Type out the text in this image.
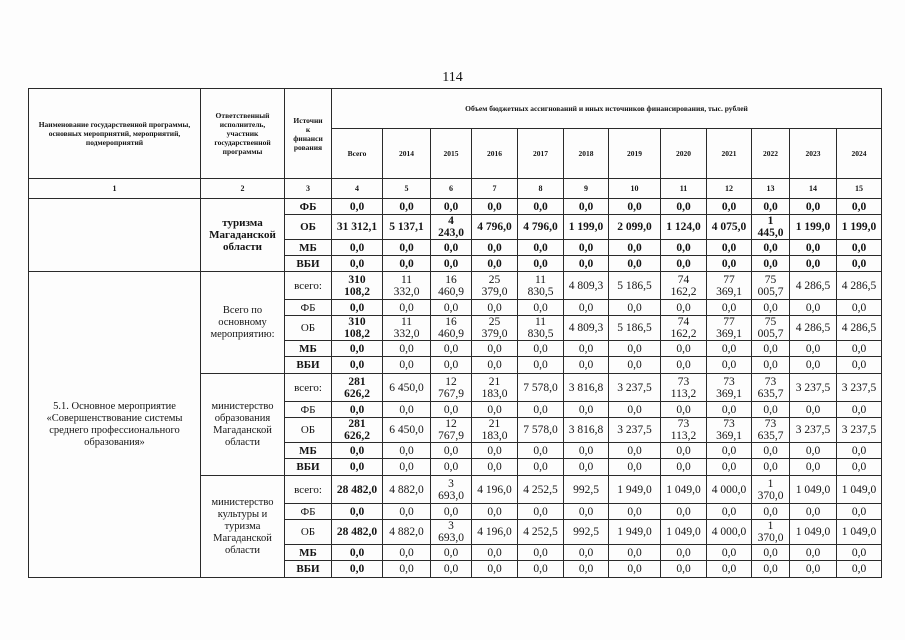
114
Наименование государственной программы, основных мероприятий, мероприятий, подмероприятий	Ответственный исполнитель, участник государственной программы	Источни к финанси рования	Объем бюджетных ассигнований и иных источников финансирования, тыс. рублей											
			Всего	2014	2015	2016	2017	2018	2019	2020	2021	2022	2023	2024
1	2	3	4	5	6	7	8	9	10	11	12	13	14	15
	туризма Магаданской области	ФБ	0,0	0,0	0,0	0,0	0,0	0,0	0,0	0,0	0,0	0,0	0,0	0,0
		ОБ	31 312,1	5 137,1	4 243,0	4 796,0	4 796,0	1 199,0	2 099,0	1 124,0	4 075,0	1 445,0	1 199,0	1 199,0
		МБ	0,0	0,0	0,0	0,0	0,0	0,0	0,0	0,0	0,0	0,0	0,0	0,0
		ВБИ	0,0	0,0	0,0	0,0	0,0	0,0	0,0	0,0	0,0	0,0	0,0	0,0
5.1. Основное мероприятие «Совершенствование системы среднего профессионального образования»	Всего по основному мероприятию:	всего:	310 108,2	11 332,0	16 460,9	25 379,0	11 830,5	4 809,3	5 186,5	74 162,2	77 369,1	75 005,7	4 286,5	4 286,5
		ФБ	0,0	0,0	0,0	0,0	0,0	0,0	0,0	0,0	0,0	0,0	0,0	0,0
		ОБ	310 108,2	11 332,0	16 460,9	25 379,0	11 830,5	4 809,3	5 186,5	74 162,2	77 369,1	75 005,7	4 286,5	4 286,5
		МБ	0,0	0,0	0,0	0,0	0,0	0,0	0,0	0,0	0,0	0,0	0,0	0,0
		ВБИ	0,0	0,0	0,0	0,0	0,0	0,0	0,0	0,0	0,0	0,0	0,0	0,0
	министерство образования Магаданской области	всего:	281 626,2	6 450,0	12 767,9	21 183,0	7 578,0	3 816,8	3 237,5	73 113,2	73 369,1	73 635,7	3 237,5	3 237,5
		ФБ	0,0	0,0	0,0	0,0	0,0	0,0	0,0	0,0	0,0	0,0	0,0	0,0
		ОБ	281 626,2	6 450,0	12 767,9	21 183,0	7 578,0	3 816,8	3 237,5	73 113,2	73 369,1	73 635,7	3 237,5	3 237,5
		МБ	0,0	0,0	0,0	0,0	0,0	0,0	0,0	0,0	0,0	0,0	0,0	0,0
		ВБИ	0,0	0,0	0,0	0,0	0,0	0,0	0,0	0,0	0,0	0,0	0,0	0,0
	министерство культуры и туризма Магаданской области	всего:	28 482,0	4 882,0	3 693,0	4 196,0	4 252,5	992,5	1 949,0	1 049,0	4 000,0	1 370,0	1 049,0	1 049,0
		ФБ	0,0	0,0	0,0	0,0	0,0	0,0	0,0	0,0	0,0	0,0	0,0	0,0
		ОБ	28 482,0	4 882,0	3 693,0	4 196,0	4 252,5	992,5	1 949,0	1 049,0	4 000,0	1 370,0	1 049,0	1 049,0
		МБ	0,0	0,0	0,0	0,0	0,0	0,0	0,0	0,0	0,0	0,0	0,0	0,0
		ВБИ	0,0	0,0	0,0	0,0	0,0	0,0	0,0	0,0	0,0	0,0	0,0	0,0
